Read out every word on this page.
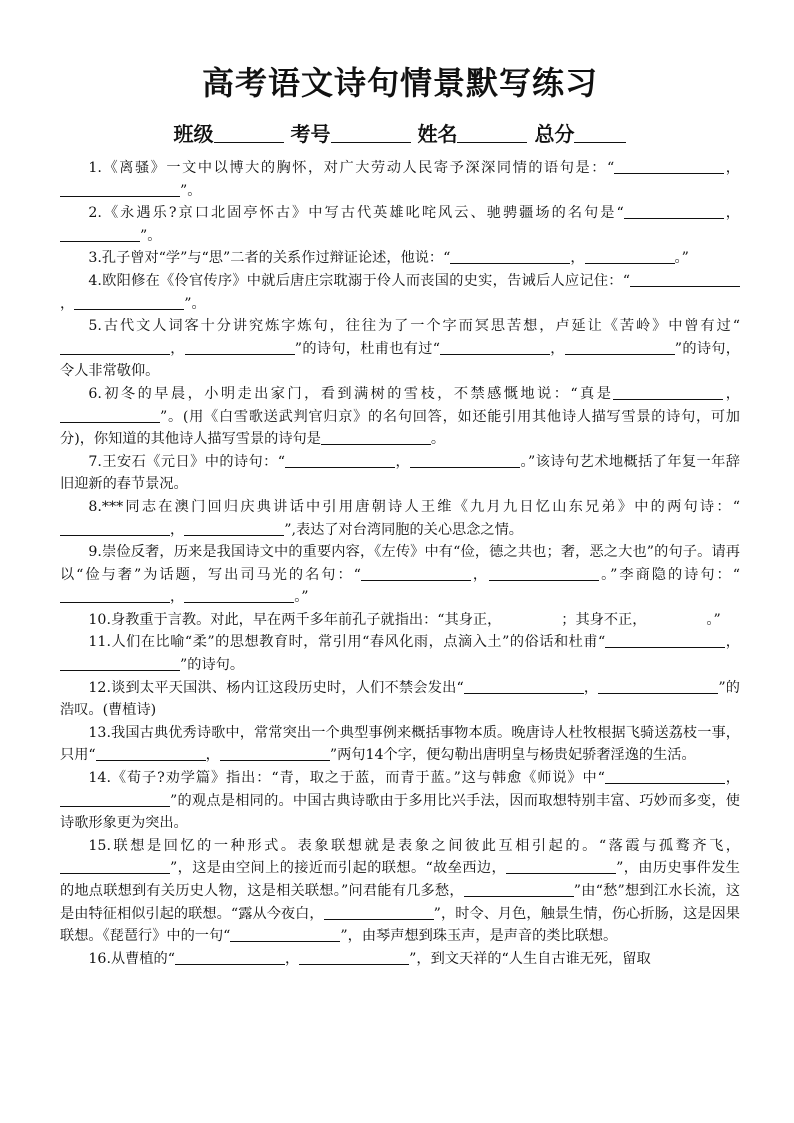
高考语文诗句情景默写练习
班级	考号	姓名	总分

1.《离骚》一文中以博大的胸怀，对广大劳动人民寄予深深同情的语句是：“	，”。

2.《永遇乐?京口北固亭怀古》中写古代英雄叱咤风云、驰骋疆场的名句是“	，”。

3.孔子曾对“学”与“思”二者的关系作过辩证论述，他说：“	，	。”

4.欧阳修在《伶官传序》中就后唐庄宗耽溺于伶人而丧国的史实，告诫后人应记住：“，	”。

5.古代文人词客十分讲究炼字炼句，往往为了一个字而冥思苦想，卢延让《苦岭》中曾有过“，	”的诗句，杜甫也有过“	，	”的诗句，令人非常敬仰。

6.初冬的早晨，小明走出家门，看到满树的雪枝，不禁感慨地说：“真是	，”。(用《白雪歌送武判官归京》的名句回答，如还能引用其他诗人描写雪景的诗句，可加分)，你知道的其他诗人描写雪景的诗句是	。

7.王安石《元日》中的诗句：“	，	。”该诗句艺术地概括了年复一年辞旧迎新的春节景况。

8.***同志在澳门回归庆典讲话中引用唐朝诗人王维《九月九日忆山东兄弟》中的两句诗：“，	”,表达了对台湾同胞的关心思念之情。

9.崇俭反奢，历来是我国诗文中的重要内容，《左传》中有“俭，德之共也；奢，恶之大也”的句子。请再以“俭与奢”为话题，写出司马光的名句：“	，	。”李商隐的诗句：“，	。”

10.身教重于言教。对此，早在两千多年前孔子就指出：“其身正，	；其身不正，	。”

11.人们在比喻“柔”的思想教育时，常引用“春风化雨，点滴入土”的俗话和杜甫“	，”的诗句。

12.谈到太平天国洪、杨内讧这段历史时，人们不禁会发出“	，	”的浩叹。(曹植诗)

13.我国古典优秀诗歌中，常常突出一个典型事例来概括事物本质。晚唐诗人杜牧根据飞骑送荔枝一事，只用“	，	”两句14个字，便勾勒出唐明皇与杨贵妃骄奢淫逸的生活。

14.《荀子?劝学篇》指出：“青，取之于蓝，而青于蓝。”这与韩愈《师说》中“	，”的观点是相同的。中国古典诗歌由于多用比兴手法，因而取想特别丰富、巧妙而多变，使诗歌形象更为突出。

15.联想是回忆的一种形式。表象联想就是表象之间彼此互相引起的。“落霞与孤鹜齐飞，”，这是由空间上的接近而引起的联想。“故垒西边，	”，由历史事件发生的地点联想到有关历史人物，这是相关联想。”问君能有几多愁，	”由“愁”想到江水长流，这是由特征相似引起的联想。“露从今夜白，	”，时令、月色，触景生情，伤心折肠，这是因果联想。《琵琶行》中的一句“	”，由琴声想到珠玉声，是声音的类比联想。

16.从曹植的“	，	”，到文天祥的“人生自古谁无死，留取
